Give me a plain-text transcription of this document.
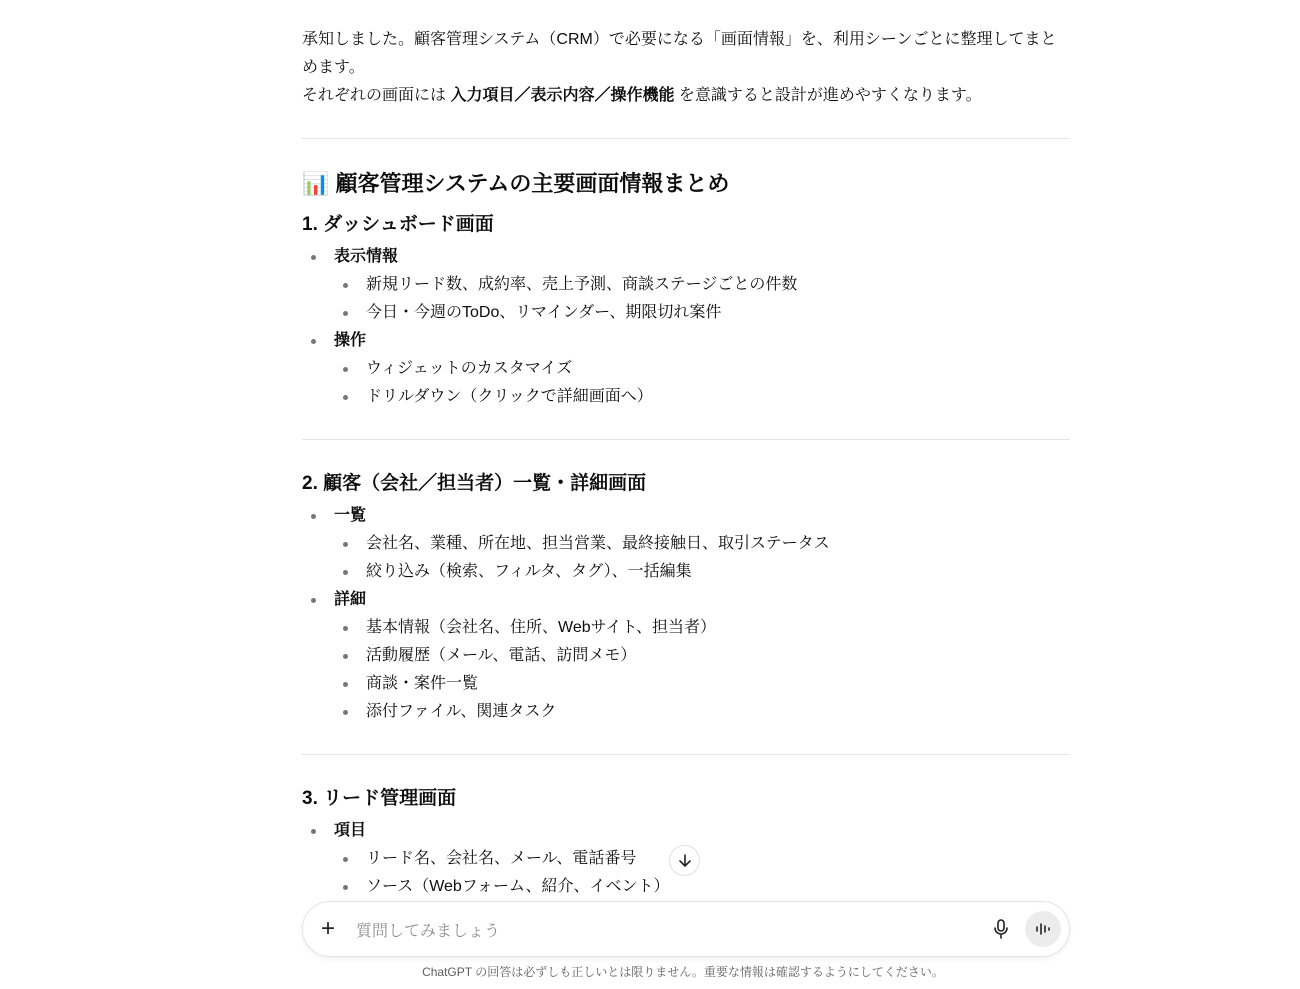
承知しました。顧客管理システム（CRM）で必要になる「画面情報」を、利用シーンごとに整理してまとめます。

それぞれの画面には 入力項目／表示内容／操作機能 を意識すると設計が進めやすくなります。

📊 顧客管理システムの主要画面情報まとめ
1. ダッシュボード画面
表示情報
新規リード数、成約率、売上予測、商談ステージごとの件数
今日・今週のToDo、リマインダー、期限切れ案件
操作
ウィジェットのカスタマイズ
ドリルダウン（クリックで詳細画面へ）
2. 顧客（会社／担当者）一覧・詳細画面
一覧
会社名、業種、所在地、担当営業、最終接触日、取引ステータス
絞り込み（検索、フィルタ、タグ）、一括編集
詳細
基本情報（会社名、住所、Webサイト、担当者）
活動履歴（メール、電話、訪問メモ）
商談・案件一覧
添付ファイル、関連タスク
3. リード管理画面
項目
リード名、会社名、メール、電話番号
ソース（Webフォーム、紹介、イベント）
+ 質問してみましょう
ChatGPT の回答は必ずしも正しいとは限りません。重要な情報は確認するようにしてください。
